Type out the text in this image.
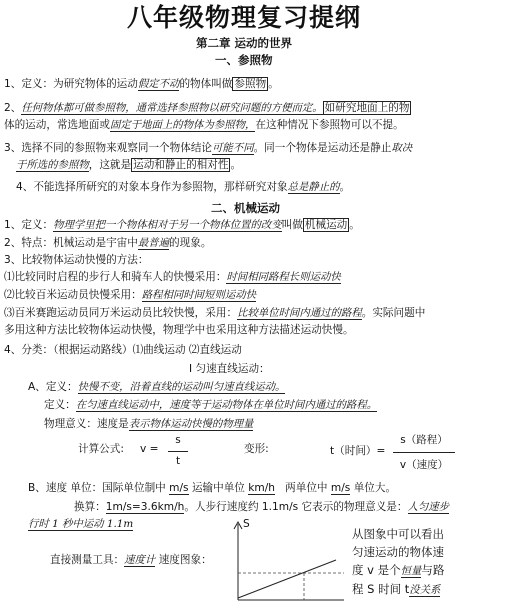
八年级物理复习提纲
第二章 运动的世界
一、参照物
1、定义：为研究物体的运动假定不动的物体叫做 参照物 。
2、任何物体都可做参照物，通常选择参照物以研究问题的方便而定。 如研究地面上的物
体的运动，常选地面或固定于地面上的物体为参照物，在这种情况下参照物可以不提。
3、选择不同的参照物来观察同一个物体结论可能不同。同一个物体是运动还是静止取决
于所选的参照物，这就是 运动和静止的相对性 。
4、不能选择所研究的对象本身作为参照物，那样研究对象总是静止的。
二、机械运动
1、定义：物理学里把一个物体相对于另一个物体位置的改变叫做 机械运动 。
2、特点：机械运动是宇宙中最普遍的现象。
3、比较物体运动快慢的方法：
⑴比较同时启程的步行人和骑车人的快慢采用：时间相同路程长则运动快
⑵比较百米运动员快慢采用：路程相同时间短则运动快
⑶百米赛跑运动员同万米运动员比较快慢，采用：比较单位时间内通过的路程。实际问题中
多用这种方法比较物体运动快慢，物理学中也采用这种方法描述运动快慢。
4、分类：（根据运动路线）⑴曲线运动 ⑵直线运动
Ⅰ 匀速直线运动：
A、定义：快慢不变，沿着直线的运动叫匀速直线运动。
定义：在匀速直线运动中，速度等于运动物体在单位时间内通过的路程。
物理意义：速度是表示物体运动快慢的物理量
计算公式: v =
s
t
变形:	t（时间）=
s（路程）
v（速度）
B、速度 单位：国际单位制中 m/s 运输中单位 km/h 两单位中 m/s 单位大。
换算：1m/s=3.6km/h。人步行速度约 1.1m/s 它表示的物理意义是：人匀速步
行时 1 秒中运动 1.1m
直接测量工具：速度计 速度图象：
S
从图象中可以看出
匀速运动的物体速
度 v 是个恒量与路
程 S 时间 t没关系
